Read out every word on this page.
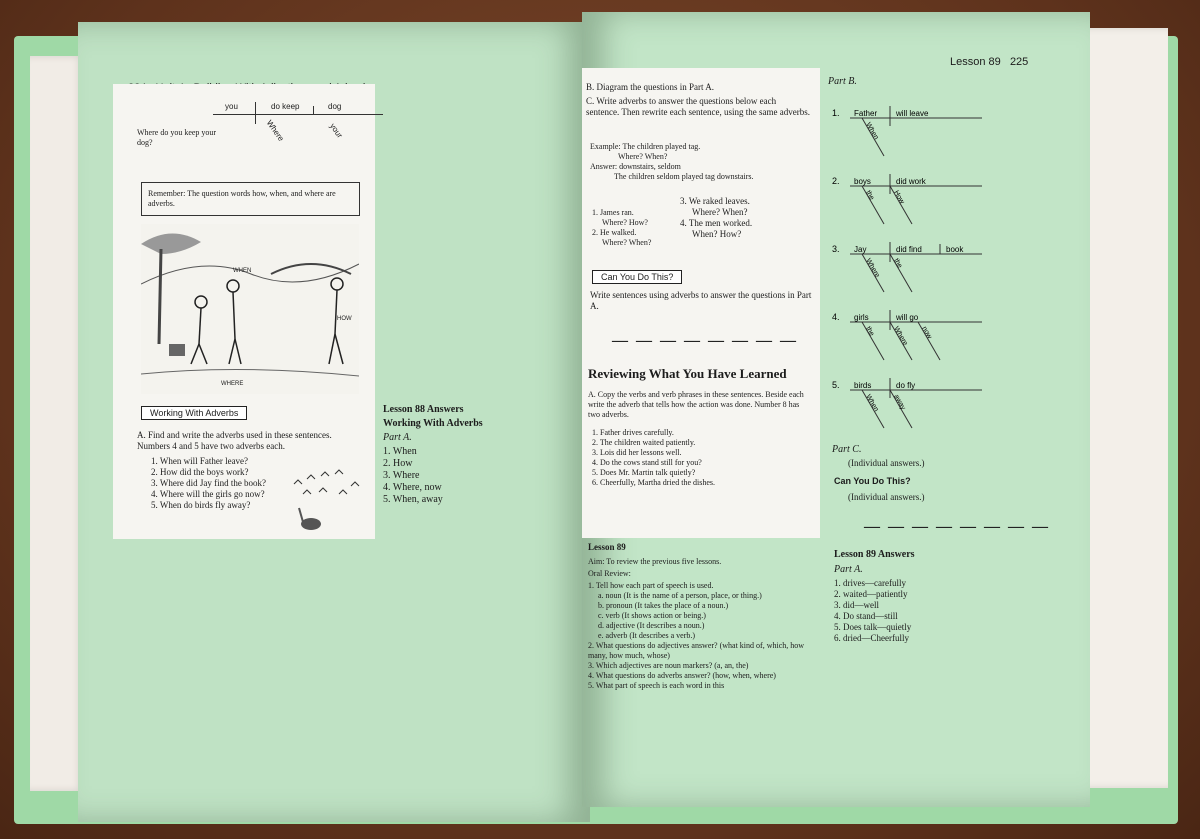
Where do you keep your dog?
you	do keep	dog
Where	your
Remember: The question words how, when, and where are adverbs.
WHEN
HOW
WHERE
Working With Adverbs
A. Find and write the adverbs used in these sentences. Numbers 4 and 5 have two adverbs each.
1. When will Father leave?
2. How did the boys work?
3. Where did Jay find the book?
4. Where will the girls go now?
5. When do birds fly away?
Lesson 88 Answers
Working With Adverbs
Part A.
1. When
2. How
3. Where
4. Where, now
5. When, away
Lesson 89 225
B. Diagram the questions in Part A.
C. Write adverbs to answer the questions below each sentence. Then rewrite each sentence, using the same adverbs.
Example: The children played tag.
Where? When?
Answer: downstairs, seldom
The children seldom played tag downstairs.
1. James ran.
Where? How?
2. He walked.
Where? When?
3. We raked leaves.
Where? When?
4. The men worked.
When? How?
Can You Do This?
Write sentences using adverbs to answer the questions in Part A.
— — — — — — — —
Reviewing What You Have Learned
A. Copy the verbs and verb phrases in these sentences. Beside each write the adverb that tells how the action was done. Number 8 has two adverbs.
1. Father drives carefully.
2. The children waited patiently.
3. Lois did her lessons well.
4. Do the cows stand still for you?
5. Does Mr. Martin talk quietly?
6. Cheerfully, Martha dried the dishes.
Lesson 89
Aim: To review the previous five lessons.
Oral Review:
1. Tell how each part of speech is used.
a. noun (It is the name of a person, place, or thing.)
b. pronoun (It takes the place of a noun.)
c. verb (It shows action or being.)
d. adjective (It describes a noun.)
e. adverb (It describes a verb.)
2. What questions do adjectives answer? (what kind of, which, how many, how much, whose)
3. Which adjectives are noun markers? (a, an, the)
4. What questions do adverbs answer? (how, when, where)
5. What part of speech is each word in this
Part B.
1. Father will leave
When
2. boys	did work
the How
3. Jay	did find	book
Where the
4. girls	will go
the Where now
5. birds	do fly
When away
Part C.
(Individual answers.)
Can You Do This?
(Individual answers.)
— — — — — — — —
Lesson 89 Answers
Part A.
1. drives—carefully
2. waited—patiently
3. did—well
4. Do stand—still
5. Does talk—quietly
6. dried—Cheerfully
